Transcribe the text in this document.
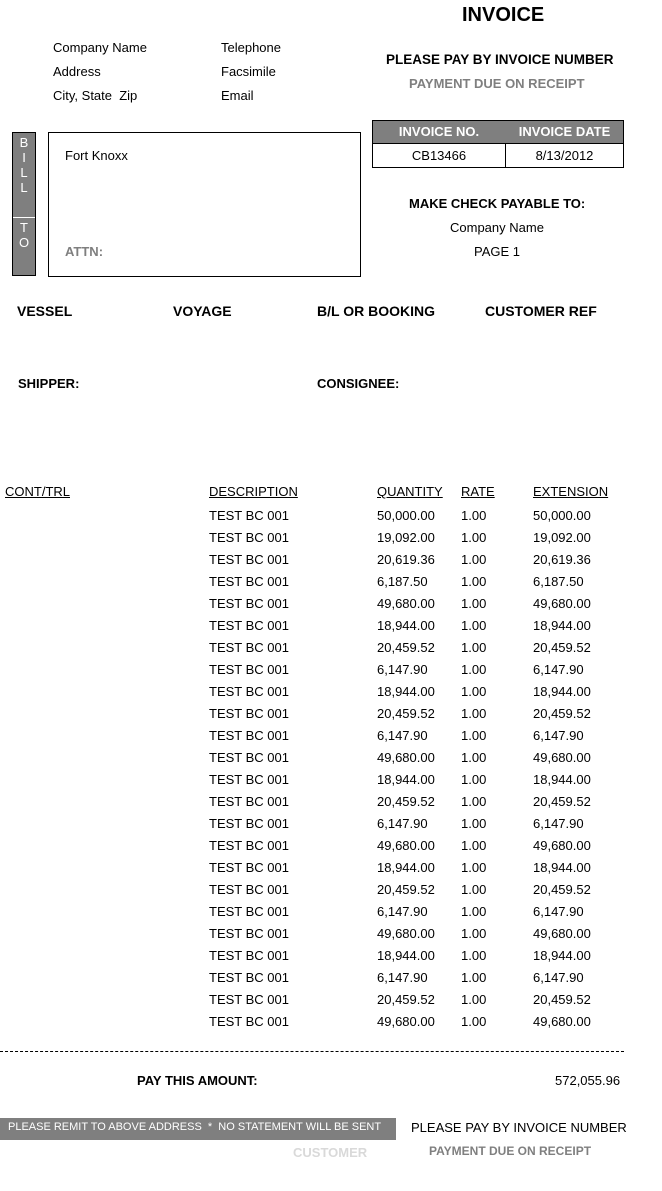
INVOICE
Company Name
Address
City, State  Zip
Telephone
Facsimile
Email
PLEASE PAY BY INVOICE NUMBER
PAYMENT DUE ON RECEIPT
B
I
L
L
T
O
Fort Knoxx
ATTN:
INVOICE NO.	INVOICE DATE
CB13466	8/13/2012
MAKE CHECK PAYABLE TO:
Company Name
PAGE 1
VESSEL	VOYAGE	B/L OR BOOKING	CUSTOMER REF
SHIPPER:	CONSIGNEE:
CONT/TRL	DESCRIPTION	QUANTITY RATE	EXTENSION
TEST BC 001	50,000.00 1.00	50,000.00
TEST BC 001	19,092.00 1.00	19,092.00
TEST BC 001	20,619.36 1.00	20,619.36
TEST BC 001	6,187.50	1.00	6,187.50
TEST BC 001	49,680.00 1.00	49,680.00
TEST BC 001	18,944.00 1.00	18,944.00
TEST BC 001	20,459.52 1.00	20,459.52
TEST BC 001	6,147.90	1.00	6,147.90
TEST BC 001	18,944.00 1.00	18,944.00
TEST BC 001	20,459.52 1.00	20,459.52
TEST BC 001	6,147.90	1.00	6,147.90
TEST BC 001	49,680.00 1.00	49,680.00
TEST BC 001	18,944.00 1.00	18,944.00
TEST BC 001	20,459.52 1.00	20,459.52
TEST BC 001	6,147.90	1.00	6,147.90
TEST BC 001	49,680.00 1.00	49,680.00
TEST BC 001	18,944.00 1.00	18,944.00
TEST BC 001	20,459.52 1.00	20,459.52
TEST BC 001	6,147.90	1.00	6,147.90
TEST BC 001	49,680.00 1.00	49,680.00
TEST BC 001	18,944.00 1.00	18,944.00
TEST BC 001	6,147.90	1.00	6,147.90
TEST BC 001	20,459.52 1.00	20,459.52
TEST BC 001	49,680.00 1.00	49,680.00
PAY THIS AMOUNT:	572,055.96
PLEASE REMIT TO ABOVE ADDRESS  *  NO STATEMENT WILL BE SENT PLEASE PAY BY INVOICE NUMBER
CUSTOMER	PAYMENT DUE ON RECEIPT
